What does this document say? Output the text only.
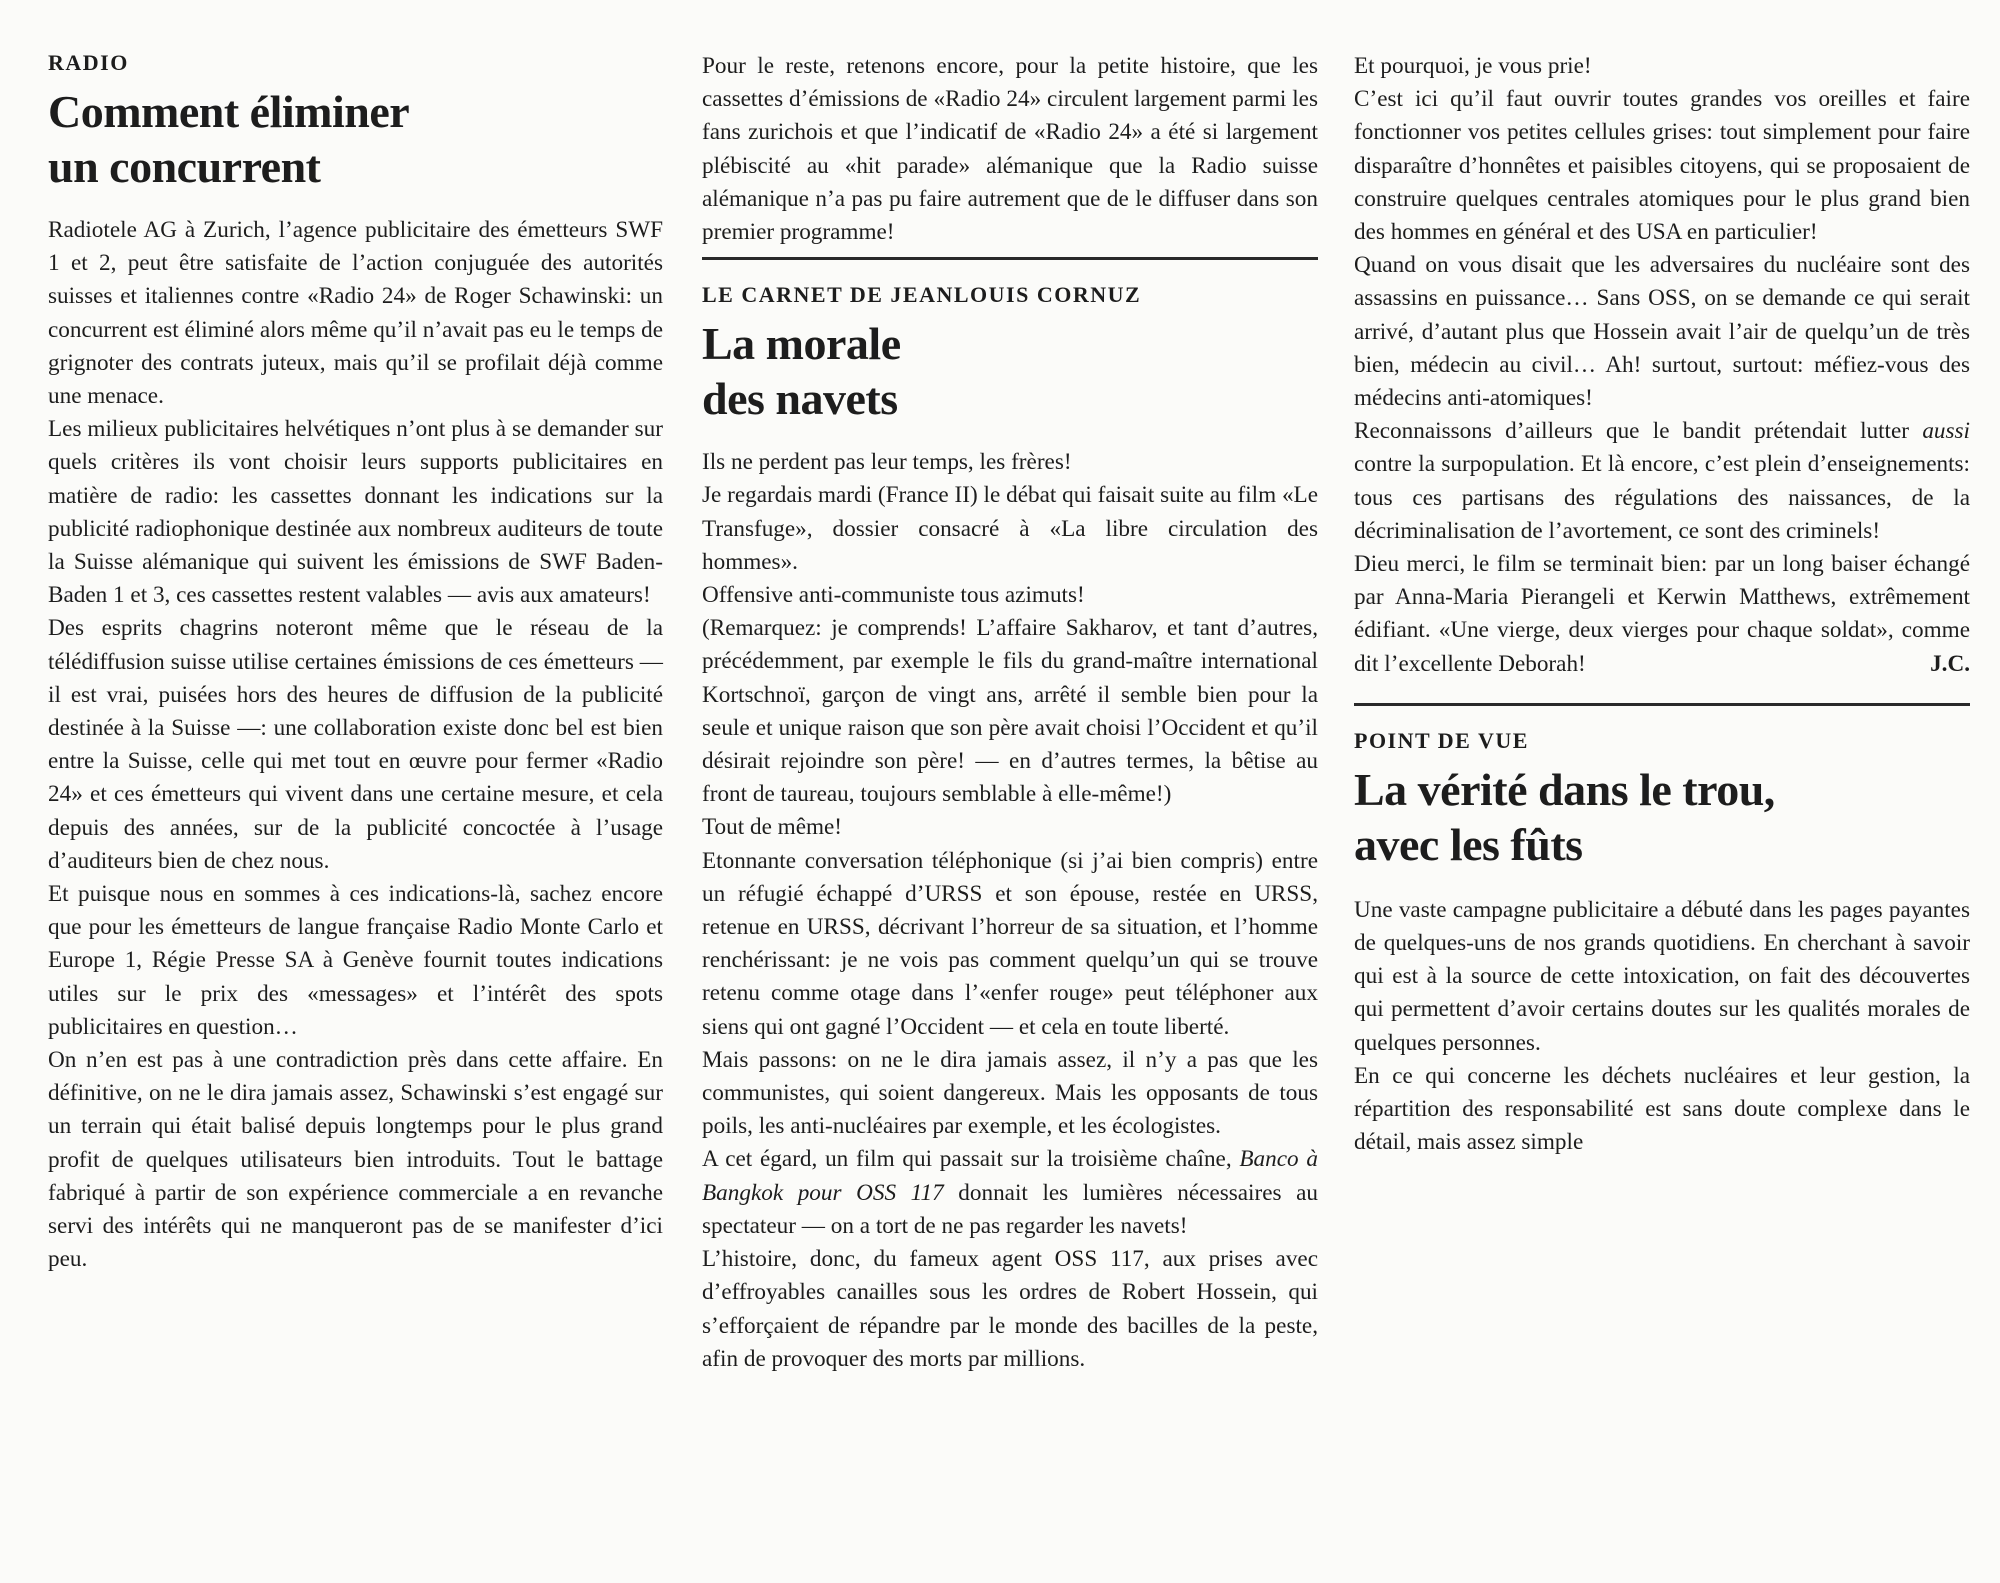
RADIO
Comment éliminer
un concurrent

Radiotele AG à Zurich, l’agence publicitaire des émetteurs SWF 1 et 2, peut être satisfaite de l’action conjuguée des autorités suisses et italiennes contre «Radio 24» de Roger Schawinski: un concurrent est éliminé alors même qu’il n’avait pas eu le temps de grignoter des contrats juteux, mais qu’il se profilait déjà comme une menace.

Les milieux publicitaires helvétiques n’ont plus à se demander sur quels critères ils vont choisir leurs supports publicitaires en matière de radio: les cassettes donnant les indications sur la publicité radiophonique destinée aux nombreux auditeurs de toute la Suisse alémanique qui suivent les émissions de SWF Baden-Baden 1 et 3, ces cassettes restent valables — avis aux amateurs!

Des esprits chagrins noteront même que le réseau de la télédiffusion suisse utilise certaines émissions de ces émetteurs — il est vrai, puisées hors des heures de diffusion de la publicité destinée à la Suisse —: une collaboration existe donc bel est bien entre la Suisse, celle qui met tout en œuvre pour fermer «Radio 24» et ces émetteurs qui vivent dans une certaine mesure, et cela depuis des années, sur de la publicité concoctée à l’usage d’auditeurs bien de chez nous.

Et puisque nous en sommes à ces indications-là, sachez encore que pour les émetteurs de langue française Radio Monte Carlo et Europe 1, Régie Presse SA à Genève fournit toutes indications utiles sur le prix des «messages» et l’intérêt des spots publicitaires en question…

On n’en est pas à une contradiction près dans cette affaire. En définitive, on ne le dira jamais assez, Schawinski s’est engagé sur un terrain qui était balisé depuis longtemps pour le plus grand profit de quelques utilisateurs bien introduits. Tout le battage fabriqué à partir de son expérience commerciale a en revanche servi des intérêts qui ne manqueront pas de se manifester d’ici peu.

Pour le reste, retenons encore, pour la petite histoire, que les cassettes d’émissions de «Radio 24» circulent largement parmi les fans zurichois et que l’indicatif de «Radio 24» a été si largement plébiscité au «hit parade» alémanique que la Radio suisse alémanique n’a pas pu faire autrement que de le diffuser dans son premier programme!

LE CARNET DE JEANLOUIS CORNUZ
La morale
des navets

Ils ne perdent pas leur temps, les frères!

Je regardais mardi (France II) le débat qui faisait suite au film «Le Transfuge», dossier consacré à «La libre circulation des hommes».

Offensive anti-communiste tous azimuts!

(Remarquez: je comprends! L’affaire Sakharov, et tant d’autres, précédemment, par exemple le fils du grand-maître international Kortschnoï, garçon de vingt ans, arrêté il semble bien pour la seule et unique raison que son père avait choisi l’Occident et qu’il désirait rejoindre son père! — en d’autres termes, la bêtise au front de taureau, toujours semblable à elle-même!)

Tout de même!

Etonnante conversation téléphonique (si j’ai bien compris) entre un réfugié échappé d’URSS et son épouse, restée en URSS, retenue en URSS, décrivant l’horreur de sa situation, et l’homme renchérissant: je ne vois pas comment quelqu’un qui se trouve retenu comme otage dans l’«enfer rouge» peut téléphoner aux siens qui ont gagné l’Occident — et cela en toute liberté.

Mais passons: on ne le dira jamais assez, il n’y a pas que les communistes, qui soient dangereux. Mais les opposants de tous poils, les anti-nucléaires par exemple, et les écologistes.

A cet égard, un film qui passait sur la troisième chaîne, Banco à Bangkok pour OSS 117 donnait les lumières nécessaires au spectateur — on a tort de ne pas regarder les navets!

L’histoire, donc, du fameux agent OSS 117, aux prises avec d’effroyables canailles sous les ordres de Robert Hossein, qui s’efforçaient de répandre par le monde des bacilles de la peste, afin de provoquer des morts par millions.

Et pourquoi, je vous prie!

C’est ici qu’il faut ouvrir toutes grandes vos oreilles et faire fonctionner vos petites cellules grises: tout simplement pour faire disparaître d’honnêtes et paisibles citoyens, qui se proposaient de construire quelques centrales atomiques pour le plus grand bien des hommes en général et des USA en particulier!

Quand on vous disait que les adversaires du nucléaire sont des assassins en puissance… Sans OSS, on se demande ce qui serait arrivé, d’autant plus que Hossein avait l’air de quelqu’un de très bien, médecin au civil… Ah! surtout, surtout: méfiez-vous des médecins anti-atomiques!

Reconnaissons d’ailleurs que le bandit prétendait lutter aussi contre la surpopulation. Et là encore, c’est plein d’enseignements: tous ces partisans des régulations des naissances, de la décriminalisation de l’avortement, ce sont des criminels!

Dieu merci, le film se terminait bien: par un long baiser échangé par Anna-Maria Pierangeli et Kerwin Matthews, extrêmement édifiant. «Une vierge, deux vierges pour chaque soldat», comme dit l’excellente Deborah!	J.C.

POINT DE VUE
La vérité dans le trou,
avec les fûts

Une vaste campagne publicitaire a débuté dans les pages payantes de quelques-uns de nos grands quotidiens. En cherchant à savoir qui est à la source de cette intoxication, on fait des découvertes qui permettent d’avoir certains doutes sur les qualités morales de quelques personnes.

En ce qui concerne les déchets nucléaires et leur gestion, la répartition des responsabilité est sans doute complexe dans le détail, mais assez simple
